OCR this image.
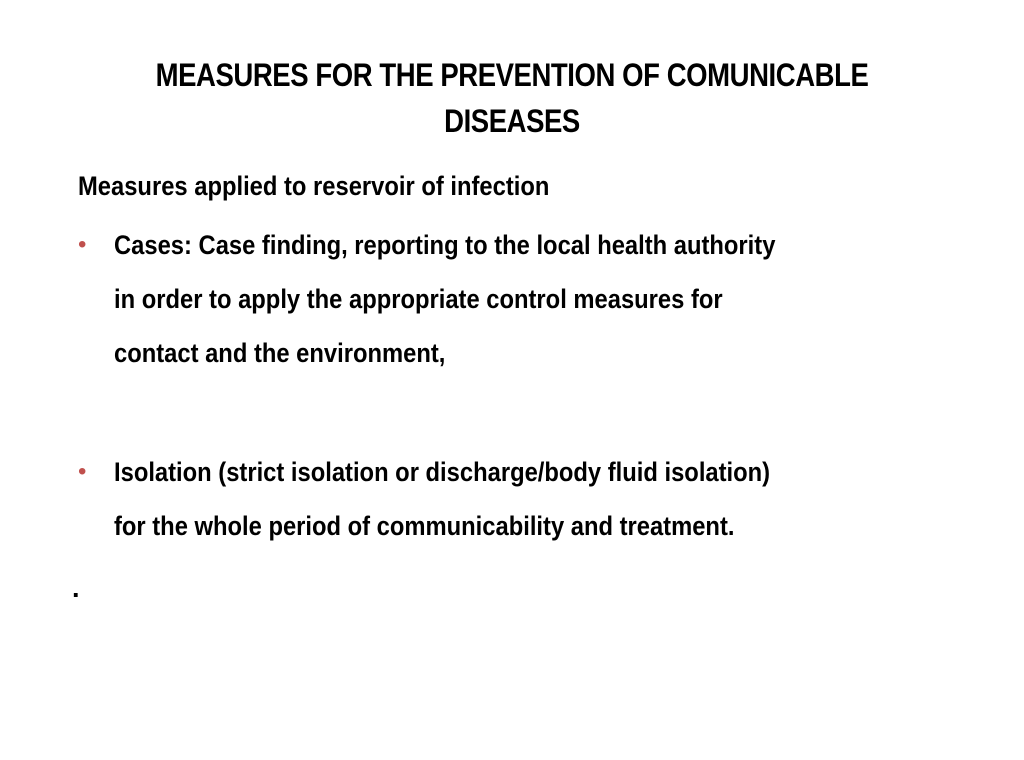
MEASURES FOR THE PREVENTION OF COMUNICABLE
DISEASES
Measures applied to reservoir of infection
• Cases: Case finding, reporting to the local health authority
in order to apply the appropriate control measures for
contact and the environment,
• Isolation (strict isolation or discharge/body fluid isolation)
for the whole period of communicability and treatment.
.
